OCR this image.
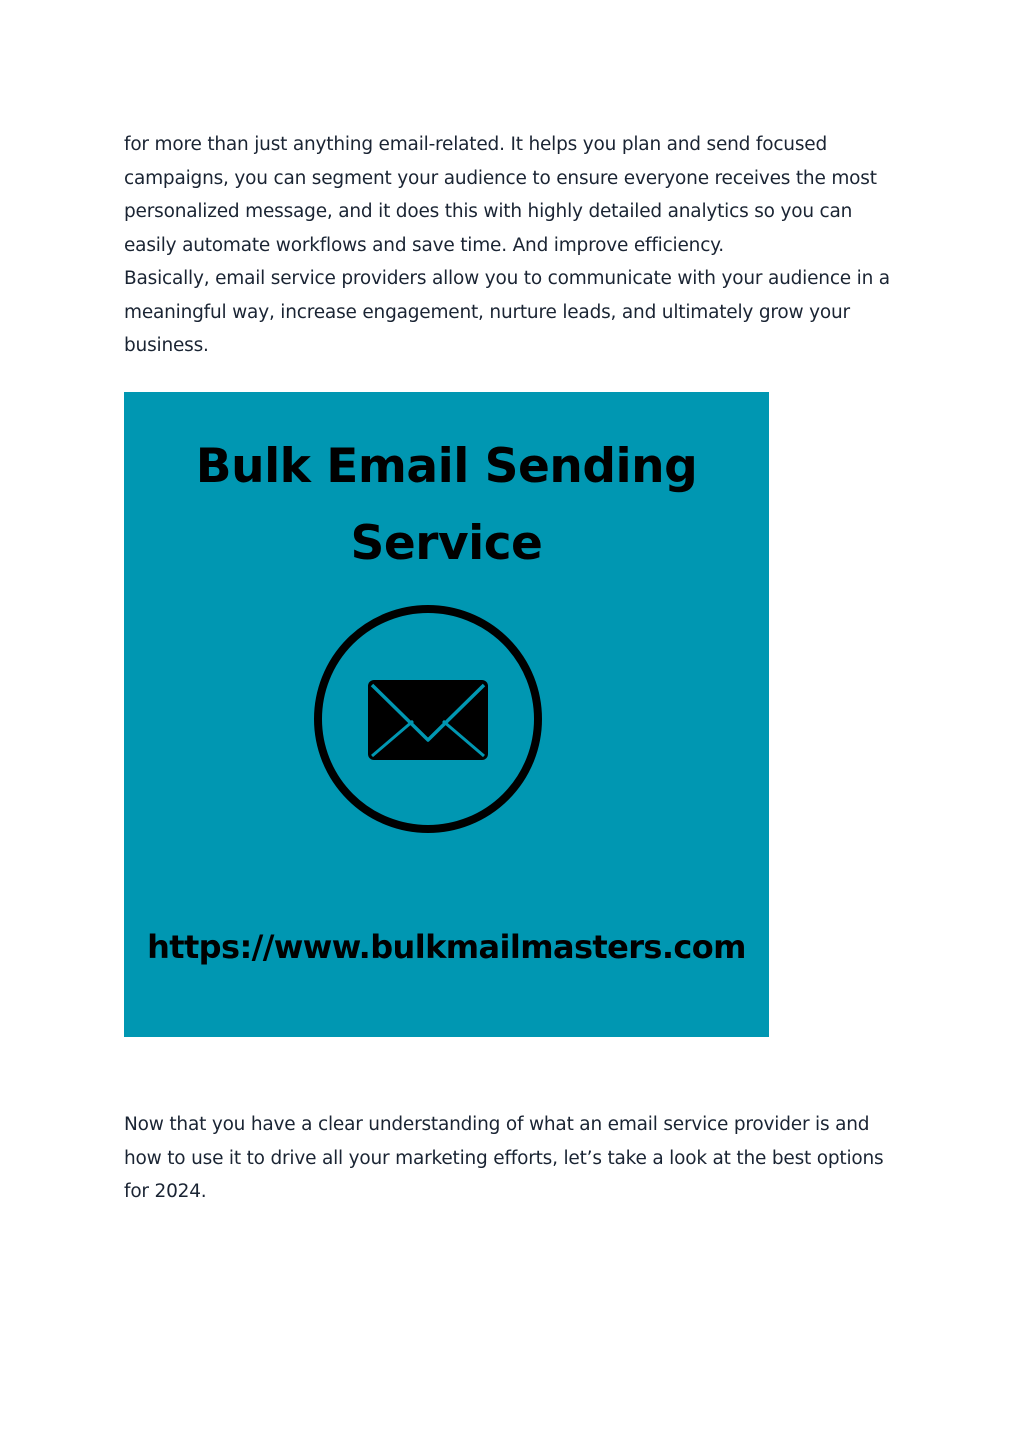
for more than just anything email-related. It helps you plan and send focused
campaigns, you can segment your audience to ensure everyone receives the most
personalized message, and it does this with highly detailed analytics so you can
easily automate workflows and save time. And improve efficiency.
Basically, email service providers allow you to communicate with your audience in a
meaningful way, increase engagement, nurture leads, and ultimately grow your
business.

Bulk Email Sending
Service
https://www.bulkmailmasters.com

Now that you have a clear understanding of what an email service provider is and
how to use it to drive all your marketing efforts, let’s take a look at the best options
for 2024.
